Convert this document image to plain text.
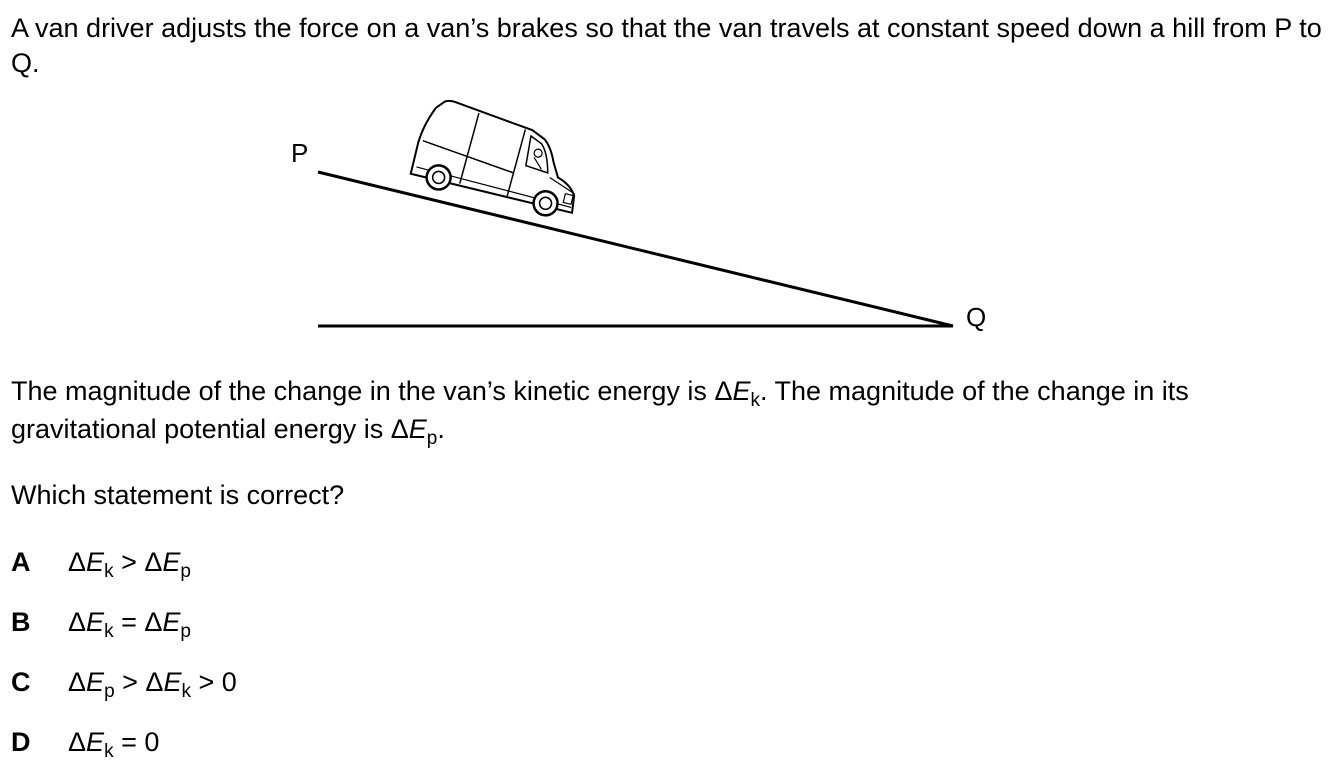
A van driver adjusts the force on a van’s brakes so that the van travels at constant speed down a hill from P to Q.

P
Q

The magnitude of the change in the van’s kinetic energy is $\Delta E_k$. The magnitude of the change in its gravitational potential energy is $\Delta E_p$.

Which statement is correct?

A $\Delta E_k > \Delta E_p$
B $\Delta E_k = \Delta E_p$
C $\Delta E_p > \Delta E_k > 0$
D $\Delta E_k = 0$
